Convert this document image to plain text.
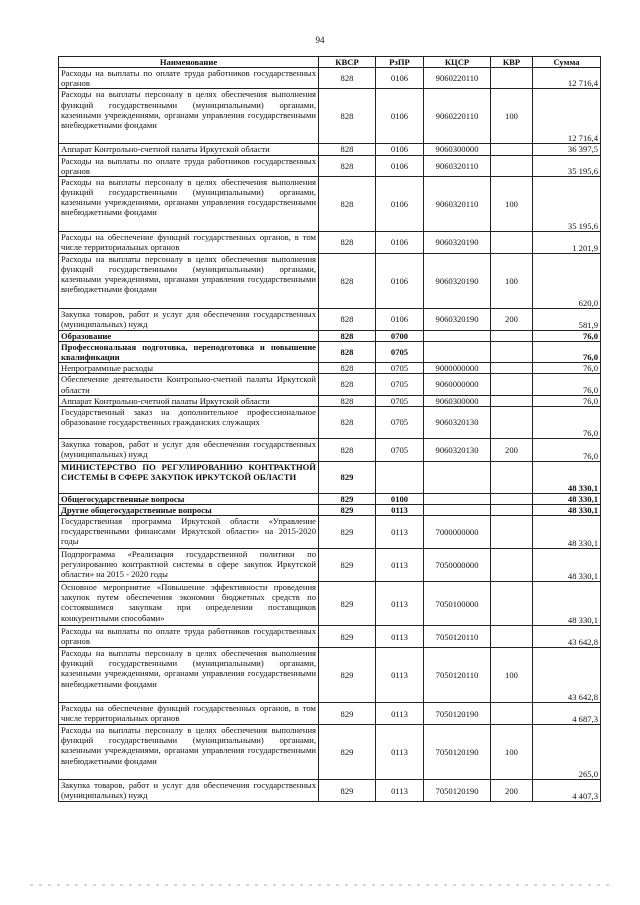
94
Наименование	КВСР	РзПР	КЦСР	КВР	Сумма
Расходы на выплаты по оплате труда работников государственных органов	828	0106	9060220110		12 716,4
Расходы на выплаты персоналу в целях обеспечения выполнения функций государственными (муниципальными) органами, казенными учреждениями, органами управления государственными внебюджетными фондами	828	0106	9060220110	100	12 716,4
Аппарат Контрольно-счетной палаты Иркутской области	828	0106	9060300000		36 397,5
Расходы на выплаты по оплате труда работников государственных органов	828	0106	9060320110		35 195,6
Расходы на выплаты персоналу в целях обеспечения выполнения функций государственными (муниципальными) органами, казенными учреждениями, органами управления государственными внебюджетными фондами	828	0106	9060320110	100	35 195,6
Расходы на обеспечение функций государственных органов, в том числе территориальных органов	828	0106	9060320190		1 201,9
Расходы на выплаты персоналу в целях обеспечения выполнения функций государственными (муниципальными) органами, казенными учреждениями, органами управления государственными внебюджетными фондами	828	0106	9060320190	100	620,0
Закупка товаров, работ и услуг для обеспечения государственных (муниципальных) нужд	828	0106	9060320190	200	581,9
Образование	828	0700			76,0
Профессиональная подготовка, переподготовка и повышение квалификации	828	0705			76,0
Непрограммные расходы	828	0705	9000000000		76,0
Обеспечение деятельности Контрольно-счетной палаты Иркутской области	828	0705	9060000000		76,0
Аппарат Контрольно-счетной палаты Иркутской области	828	0705	9060300000		76,0
Государственный заказ на дополнительное профессиональное образование государственных гражданских служащих	828	0705	9060320130		76,0
Закупка товаров, работ и услуг для обеспечения государственных (муниципальных) нужд	828	0705	9060320130	200	76,0
МИНИСТЕРСТВО ПО РЕГУЛИРОВАНИЮ КОНТРАКТНОЙ СИСТЕМЫ В СФЕРЕ ЗАКУПОК ИРКУТСКОЙ ОБЛАСТИ	829				48 330,1
Общегосударственные вопросы	829	0100			48 330,1
Другие общегосударственные вопросы	829	0113			48 330,1
Государственная программа Иркутской области «Управление государственными финансами Иркутской области» на 2015-2020 годы	829	0113	7000000000		48 330,1
Подпрограмма «Реализация государственной политики по регулированию контрактной системы в сфере закупок Иркутской области» на 2015 - 2020 годы	829	0113	7050000000		48 330,1
Основное мероприятие «Повышение эффективности проведения закупок путем обеспечения экономии бюджетных средств по состоявшимся закупкам при определении поставщиков конкурентными способами»	829	0113	7050100000		48 330,1
Расходы на выплаты по оплате труда работников государственных органов	829	0113	7050120110		43 642,8
Расходы на выплаты персоналу в целях обеспечения выполнения функций государственными (муниципальными) органами, казенными учреждениями, органами управления государственными внебюджетными фондами	829	0113	7050120110	100	43 642,8
Расходы на обеспечение функций государственных органов, в том числе территориальных органов	829	0113	7050120190		4 687,3
Расходы на выплаты персоналу в целях обеспечения выполнения функций государственными (муниципальными) органами, казенными учреждениями, органами управления государственными внебюджетными фондами	829	0113	7050120190	100	265,0
Закупка товаров, работ и услуг для обеспечения государственных (муниципальных) нужд	829	0113	7050120190	200	4 407,3
